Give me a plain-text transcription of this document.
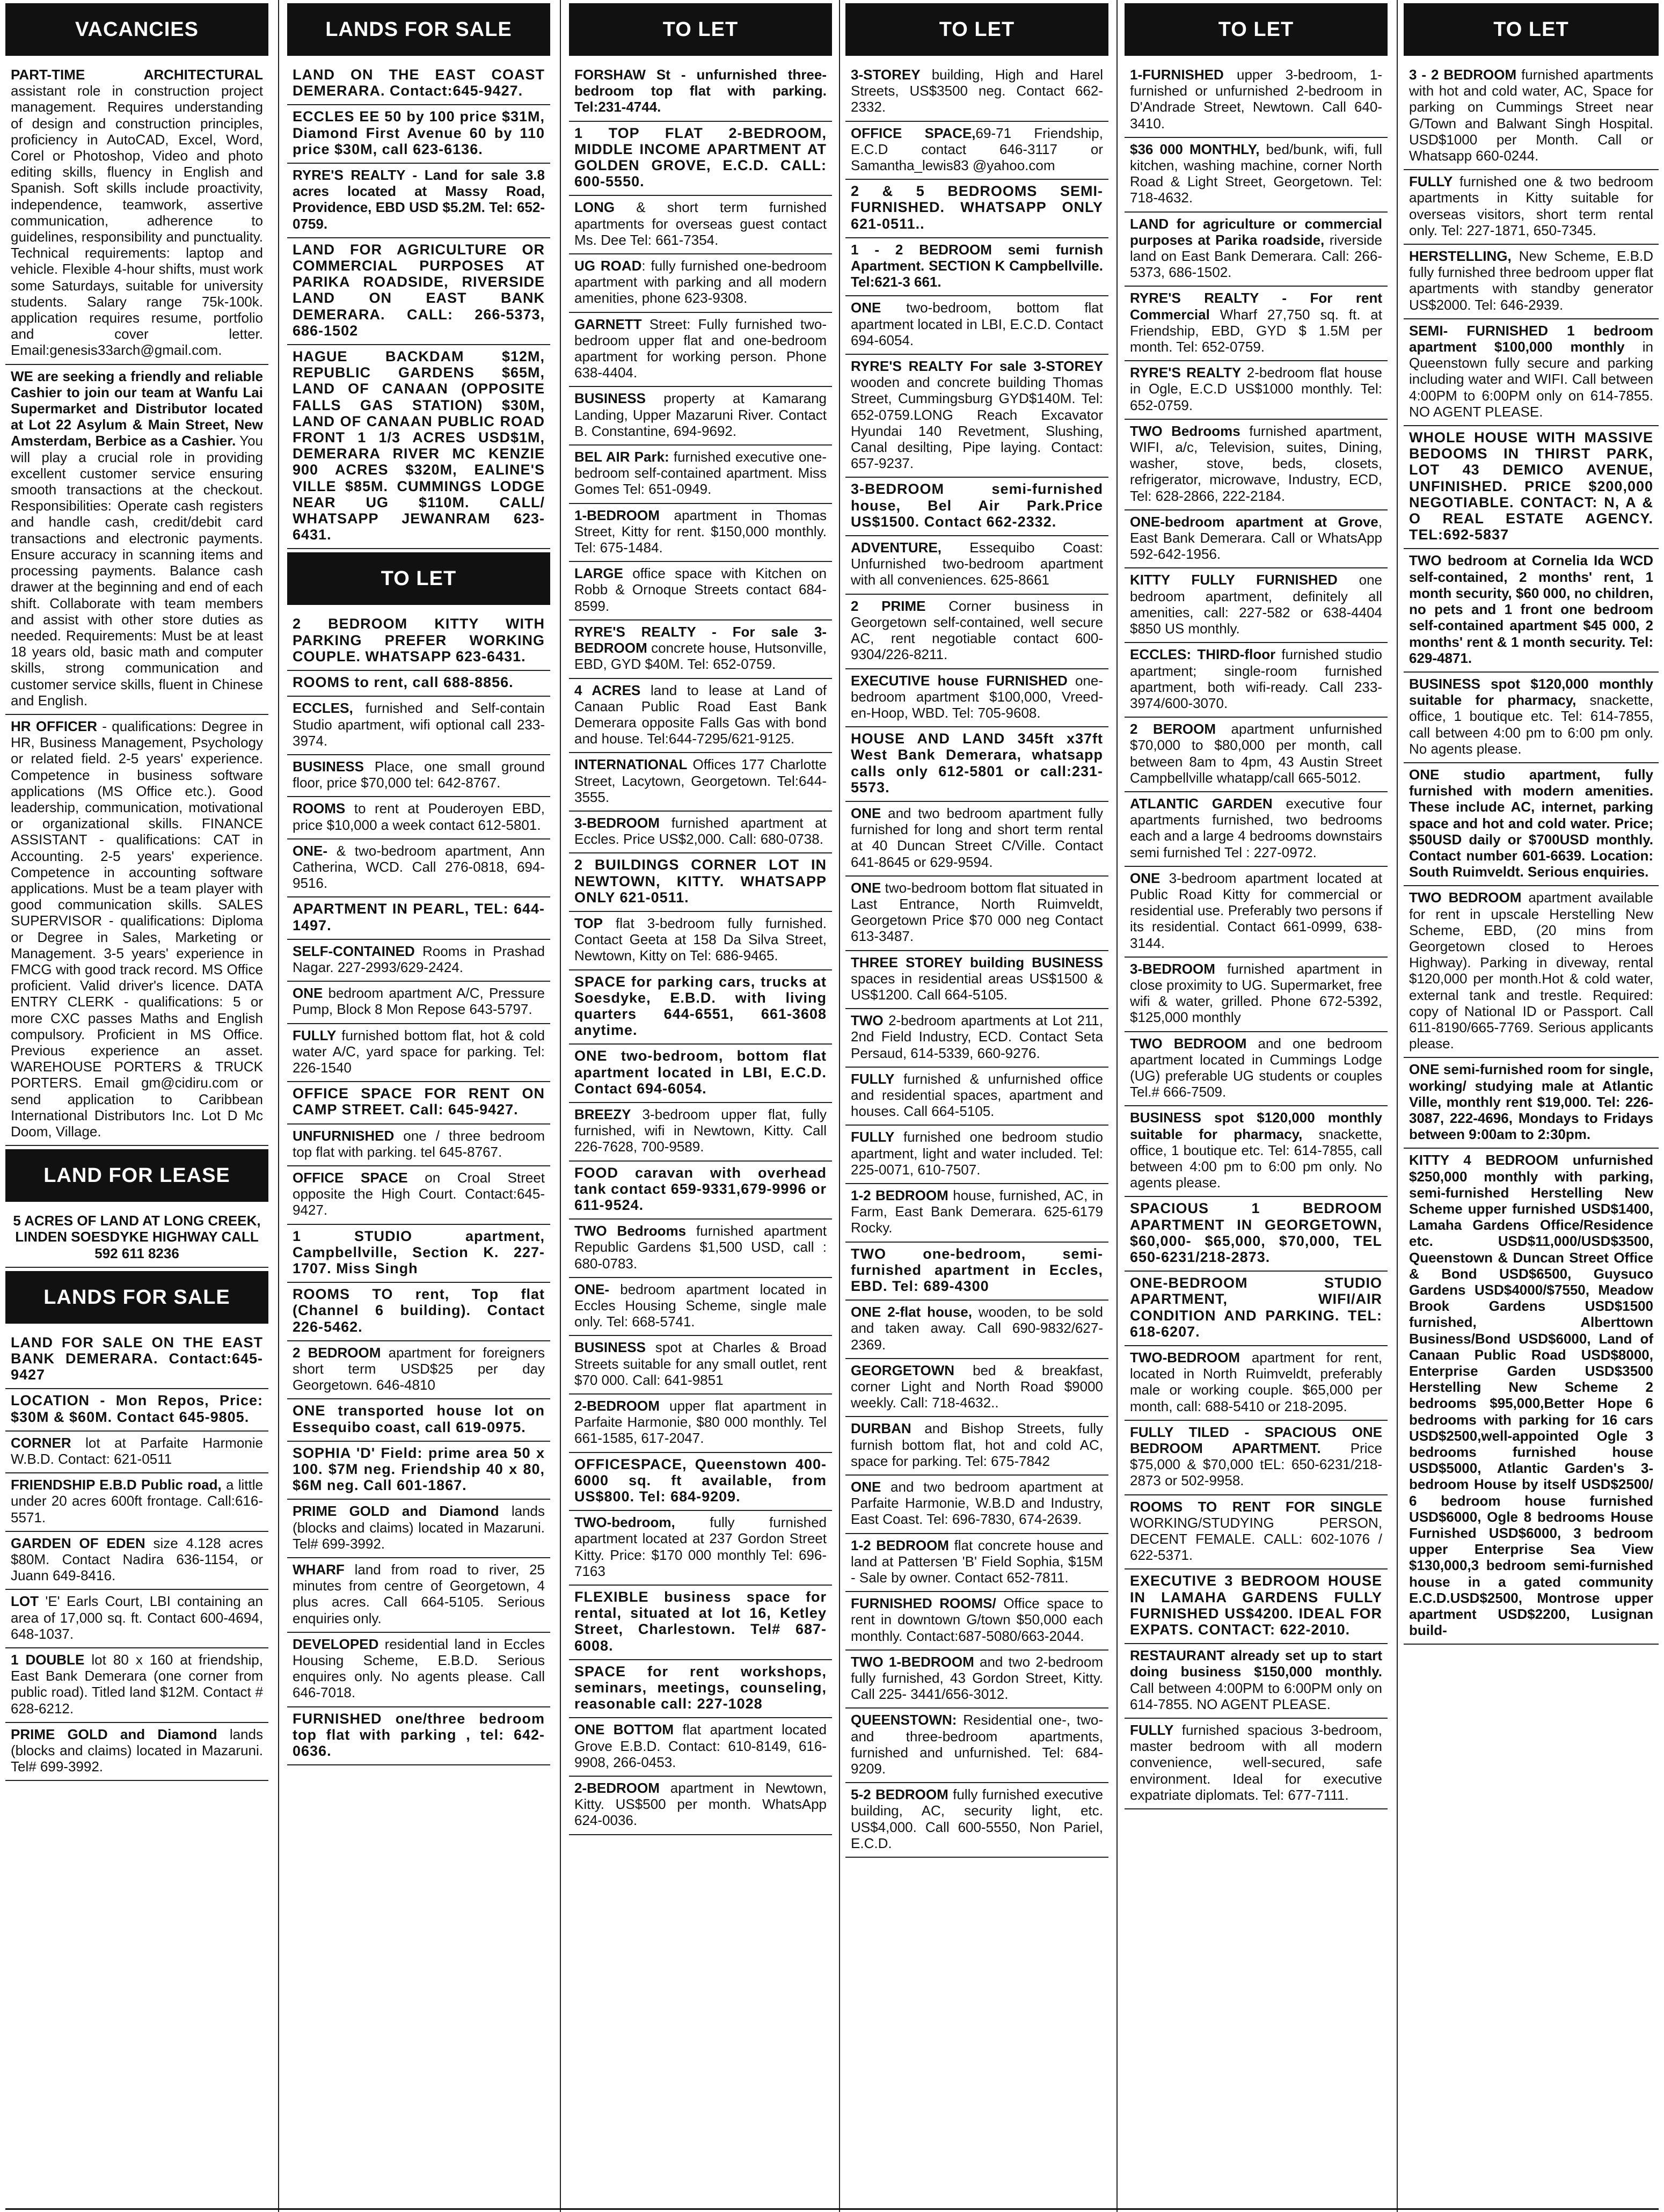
VACANCIES

PART-TIME ARCHITECTURAL assistant role in construction project management. Requires understanding of design and construction principles, proficiency in AutoCAD, Excel, Word, Corel or Photoshop, Video and photo editing skills, fluency in English and Spanish. Soft skills include proactivity, independence, teamwork, assertive communication, adherence to guidelines, responsibility and punctuality. Technical requirements: laptop and vehicle. Flexible 4-hour shifts, must work some Saturdays, suitable for university students. Salary range 75k-100k. application requires resume, portfolio and cover letter. Email:genesis33arch@gmail.com.

WE are seeking a friendly and reliable Cashier to join our team at Wanfu Lai Supermarket and Distributor located at Lot 22 Asylum & Main Street, New Amsterdam, Berbice as a Cashier. You will play a crucial role in providing excellent customer service ensuring smooth transactions at the checkout. Responsibilities: Operate cash registers and handle cash, credit/debit card transactions and electronic payments. Ensure accuracy in scanning items and processing payments. Balance cash drawer at the beginning and end of each shift. Collaborate with team members and assist with other store duties as needed. Requirements: Must be at least 18 years old, basic math and computer skills, strong communication and customer service skills, fluent in Chinese and English.

HR OFFICER - qualifications: Degree in HR, Business Management, Psychology or related field. 2-5 years' experience. Competence in business software applications (MS Office etc.). Good leadership, communication, motivational or organizational skills. FINANCE ASSISTANT - qualifications: CAT in Accounting. 2-5 years' experience. Competence in accounting software applications. Must be a team player with good communication skills. SALES SUPERVISOR - qualifications: Diploma or Degree in Sales, Marketing or Management. 3-5 years' experience in FMCG with good track record. MS Office proficient. Valid driver's licence. DATA ENTRY CLERK - qualifications: 5 or more CXC passes Maths and English compulsory. Proficient in MS Office. Previous experience an asset. WAREHOUSE PORTERS & TRUCK PORTERS. Email gm@cidiru.com or send application to Caribbean International Distributors Inc. Lot D Mc Doom, Village.

LAND FOR LEASE

5 ACRES OF LAND AT LONG CREEK, LINDEN SOESDYKE HIGHWAY CALL 592 611 8236

LANDS FOR SALE

LAND FOR SALE ON THE EAST BANK DEMERARA. Contact:645-9427

LOCATION - Mon Repos, Price: $30M & $60M. Contact 645-9805.

CORNER lot at Parfaite Harmonie W.B.D. Contact: 621-0511

FRIENDSHIP E.B.D Public road, a little under 20 acres 600ft frontage. Call:616-5571.

GARDEN OF EDEN size 4.128 acres $80M. Contact Nadira 636-1154, or Juann 649-8416.

LOT 'E' Earls Court, LBI containing an area of 17,000 sq. ft. Contact 600-4694, 648-1037.

1 DOUBLE lot 80 x 160 at friendship, East Bank Demerara (one corner from public road). Titled land $12M. Contact # 628-6212.

PRIME GOLD and Diamond lands (blocks and claims) located in Mazaruni. Tel# 699-3992.

LANDS FOR SALE

LAND ON THE EAST COAST DEMERARA. Contact:645-9427.

ECCLES EE 50 by 100 price $31M, Diamond First Avenue 60 by 110 price $30M, call 623-6136.

RYRE'S REALTY - Land for sale 3.8 acres located at Massy Road, Providence, EBD USD $5.2M. Tel: 652-0759.

LAND FOR AGRICULTURE OR COMMERCIAL PURPOSES AT PARIKA ROADSIDE, RIVERSIDE LAND ON EAST BANK DEMERARA. CALL: 266-5373, 686-1502

HAGUE BACKDAM $12M, REPUBLIC GARDENS $65M, LAND OF CANAAN (OPPOSITE FALLS GAS STATION) $30M, LAND OF CANAAN PUBLIC ROAD FRONT 1 1/3 ACRES USD$1M, DEMERARA RIVER MC KENZIE 900 ACRES $320M, EALINE'S VILLE $85M. CUMMINGS LODGE NEAR UG $110M. CALL/ WHATSAPP JEWANRAM 623-6431.

TO LET

2 BEDROOM KITTY WITH PARKING PREFER WORKING COUPLE. WHATSAPP 623-6431.

ROOMS to rent, call 688-8856.

ECCLES, furnished and Self-contain Studio apartment, wifi optional call 233-3974.

BUSINESS Place, one small ground floor, price $70,000 tel: 642-8767.

ROOMS to rent at Pouderoyen EBD, price $10,000 a week contact 612-5801.

ONE- & two-bedroom apartment, Ann Catherina, WCD. Call 276-0818, 694-9516.

APARTMENT IN PEARL, TEL: 644-1497.

SELF-CONTAINED Rooms in Prashad Nagar. 227-2993/629-2424.

ONE bedroom apartment A/C, Pressure Pump, Block 8 Mon Repose 643-5797.

FULLY furnished bottom flat, hot & cold water A/C, yard space for parking. Tel: 226-1540

OFFICE SPACE FOR RENT ON CAMP STREET. Call: 645-9427.

UNFURNISHED one / three bedroom top flat with parking. tel 645-8767.

OFFICE SPACE on Croal Street opposite the High Court. Contact:645-9427.

1 STUDIO apartment, Campbellville, Section K. 227-1707. Miss Singh

ROOMS TO rent, Top flat (Channel 6 building). Contact 226-5462.

2 BEDROOM apartment for foreigners short term USD$25 per day Georgetown. 646-4810

ONE transported house lot on Essequibo coast, call 619-0975.

SOPHIA 'D' Field: prime area 50 x 100. $7M neg. Friendship 40 x 80, $6M neg. Call 601-1867.

PRIME GOLD and Diamond lands (blocks and claims) located in Mazaruni. Tel# 699-3992.

WHARF land from road to river, 25 minutes from centre of Georgetown, 4 plus acres. Call 664-5105. Serious enquiries only.

DEVELOPED residential land in Eccles Housing Scheme, E.B.D. Serious enquires only. No agents please. Call 646-7018.

FURNISHED one/three bedroom top flat with parking , tel: 642-0636.

TO LET

FORSHAW St - unfurnished three-bedroom top flat with parking. Tel:231-4744.

1 TOP FLAT 2-BEDROOM, MIDDLE INCOME APARTMENT AT GOLDEN GROVE, E.C.D. CALL: 600-5550.

LONG & short term furnished apartments for overseas guest contact Ms. Dee Tel: 661-7354.

UG ROAD: fully furnished one-bedroom apartment with parking and all modern amenities, phone 623-9308.

GARNETT Street: Fully furnished two-bedroom upper flat and one-bedroom apartment for working person. Phone 638-4404.

BUSINESS property at Kamarang Landing, Upper Mazaruni River. Contact B. Constantine, 694-9692.

BEL AIR Park: furnished executive one-bedroom self-contained apartment. Miss Gomes Tel: 651-0949.

1-BEDROOM apartment in Thomas Street, Kitty for rent. $150,000 monthly. Tel: 675-1484.

LARGE office space with Kitchen on Robb & Ornoque Streets contact 684-8599.

RYRE'S REALTY - For sale 3-BEDROOM concrete house, Hutsonville, EBD, GYD $40M. Tel: 652-0759.

4 ACRES land to lease at Land of Canaan Public Road East Bank Demerara opposite Falls Gas with bond and house. Tel:644-7295/621-9125.

INTERNATIONAL Offices 177 Charlotte Street, Lacytown, Georgetown. Tel:644-3555.

3-BEDROOM furnished apartment at Eccles. Price US$2,000. Call: 680-0738.

2 BUILDINGS CORNER LOT IN NEWTOWN, KITTY. WHATSAPP ONLY 621-0511.

TOP flat 3-bedroom fully furnished. Contact Geeta at 158 Da Silva Street, Newtown, Kitty on Tel: 686-9465.

SPACE for parking cars, trucks at Soesdyke, E.B.D. with living quarters 644-6551, 661-3608 anytime.

ONE two-bedroom, bottom flat apartment located in LBI, E.C.D. Contact 694-6054.

BREEZY 3-bedroom upper flat, fully furnished, wifi in Newtown, Kitty. Call 226-7628, 700-9589.

FOOD caravan with overhead tank contact 659-9331,679-9996 or 611-9524.

TWO Bedrooms furnished apartment Republic Gardens $1,500 USD, call : 680-0783.

ONE- bedroom apartment located in Eccles Housing Scheme, single male only. Tel: 668-5741.

BUSINESS spot at Charles & Broad Streets suitable for any small outlet, rent $70 000. Call: 641-9851

2-BEDROOM upper flat apartment in Parfaite Harmonie, $80 000 monthly. Tel 661-1585, 617-2047.

OFFICESPACE, Queenstown 400-6000 sq. ft available, from US$800. Tel: 684-9209.

TWO-bedroom, fully furnished apartment located at 237 Gordon Street Kitty. Price: $170 000 monthly Tel: 696-7163

FLEXIBLE business space for rental, situated at lot 16, Ketley Street, Charlestown. Tel# 687-6008.

SPACE for rent workshops, seminars, meetings, counseling, reasonable call: 227-1028

ONE BOTTOM flat apartment located Grove E.B.D. Contact: 610-8149, 616-9908, 266-0453.

2-BEDROOM apartment in Newtown, Kitty. US$500 per month. WhatsApp 624-0036.

TO LET

3-STOREY building, High and Harel Streets, US$3500 neg. Contact 662-2332.

OFFICE SPACE,69-71 Friendship, E.C.D contact 646-3117 or Samantha_lewis83 @yahoo.com

2 & 5 BEDROOMS SEMI-FURNISHED. WHATSAPP ONLY 621-0511..

1 - 2 BEDROOM semi furnish Apartment. SECTION K Campbellville. Tel:621-3 661.

ONE two-bedroom, bottom flat apartment located in LBI, E.C.D. Contact 694-6054.

RYRE'S REALTY For sale 3-STOREY wooden and concrete building Thomas Street, Cummingsburg GYD$140M. Tel: 652-0759.LONG Reach Excavator Hyundai 140 Revetment, Slushing, Canal desilting, Pipe laying. Contact: 657-9237.

3-BEDROOM semi-furnished house, Bel Air Park.Price US$1500. Contact 662-2332.

ADVENTURE, Essequibo Coast: Unfurnished two-bedroom apartment with all conveniences. 625-8661

2 PRIME Corner business in Georgetown self-contained, well secure AC, rent negotiable contact 600-9304/226-8211.

EXECUTIVE house FURNISHED one-bedroom apartment $100,000, Vreed-en-Hoop, WBD. Tel: 705-9608.

HOUSE AND LAND 345ft x37ft West Bank Demerara, whatsapp calls only 612-5801 or call:231-5573.

ONE and two bedroom apartment fully furnished for long and short term rental at 40 Duncan Street C/Ville. Contact 641-8645 or 629-9594.

ONE two-bedroom bottom flat situated in Last Entrance, North Ruimveldt, Georgetown Price $70 000 neg Contact 613-3487.

THREE STOREY building BUSINESS spaces in residential areas US$1500 & US$1200. Call 664-5105.

TWO 2-bedroom apartments at Lot 211, 2nd Field Industry, ECD. Contact Seta Persaud, 614-5339, 660-9276.

FULLY furnished & unfurnished office and residential spaces, apartment and houses. Call 664-5105.

FULLY furnished one bedroom studio apartment, light and water included. Tel: 225-0071, 610-7507.

1-2 BEDROOM house, furnished, AC, in Farm, East Bank Demerara. 625-6179 Rocky.

TWO one-bedroom, semi-furnished apartment in Eccles, EBD. Tel: 689-4300

ONE 2-flat house, wooden, to be sold and taken away. Call 690-9832/627-2369.

GEORGETOWN bed & breakfast, corner Light and North Road $9000 weekly. Call: 718-4632..

DURBAN and Bishop Streets, fully furnish bottom flat, hot and cold AC, space for parking. Tel: 675-7842

ONE and two bedroom apartment at Parfaite Harmonie, W.B.D and Industry, East Coast. Tel: 696-7830, 674-2639.

1-2 BEDROOM flat concrete house and land at Pattersen 'B' Field Sophia, $15M - Sale by owner. Contact 652-7811.

FURNISHED ROOMS/ Office space to rent in downtown G/town $50,000 each monthly. Contact:687-5080/663-2044.

TWO 1-BEDROOM and two 2-bedroom fully furnished, 43 Gordon Street, Kitty. Call 225- 3441/656-3012.

QUEENSTOWN: Residential one-, two- and three-bedroom apartments, furnished and unfurnished. Tel: 684-9209.

5-2 BEDROOM fully furnished executive building, AC, security light, etc. US$4,000. Call 600-5550, Non Pariel, E.C.D.

TO LET

1-FURNISHED upper 3-bedroom, 1-furnished or unfurnished 2-bedroom in D'Andrade Street, Newtown. Call 640-3410.

$36 000 MONTHLY, bed/bunk, wifi, full kitchen, washing machine, corner North Road & Light Street, Georgetown. Tel: 718-4632.

LAND for agriculture or commercial purposes at Parika roadside, riverside land on East Bank Demerara. Call: 266-5373, 686-1502.

RYRE'S REALTY - For rent Commercial Wharf 27,750 sq. ft. at Friendship, EBD, GYD $ 1.5M per month. Tel: 652-0759.

RYRE'S REALTY 2-bedroom flat house in Ogle, E.C.D US$1000 monthly. Tel: 652-0759.

TWO Bedrooms furnished apartment, WIFI, a/c, Television, suites, Dining, washer, stove, beds, closets, refrigerator, microwave, Industry, ECD, Tel: 628-2866, 222-2184.

ONE-bedroom apartment at Grove, East Bank Demerara. Call or WhatsApp 592-642-1956.

KITTY FULLY FURNISHED one bedroom apartment, definitely all amenities, call: 227-582 or 638-4404 $850 US monthly.

ECCLES: THIRD-floor furnished studio apartment; single-room furnished apartment, both wifi-ready. Call 233-3974/600-3070.

2 BEROOM apartment unfurnished $70,000 to $80,000 per month, call between 8am to 4pm, 43 Austin Street Campbellville whatapp/call 665-5012.

ATLANTIC GARDEN executive four apartments furnished, two bedrooms each and a large 4 bedrooms downstairs semi furnished Tel : 227-0972.

ONE 3-bedroom apartment located at Public Road Kitty for commercial or residential use. Preferably two persons if its residential. Contact 661-0999, 638-3144.

3-BEDROOM furnished apartment in close proximity to UG. Supermarket, free wifi & water, grilled. Phone 672-5392, $125,000 monthly

TWO BEDROOM and one bedroom apartment located in Cummings Lodge (UG) preferable UG students or couples Tel.# 666-7509.

BUSINESS spot $120,000 monthly suitable for pharmacy, snackette, office, 1 boutique etc. Tel: 614-7855, call between 4:00 pm to 6:00 pm only. No agents please.

SPACIOUS 1 BEDROOM APARTMENT IN GEORGETOWN, $60,000- $65,000, $70,000, TEL 650-6231/218-2873.

ONE-BEDROOM STUDIO APARTMENT, WIFI/AIR CONDITION AND PARKING. TEL: 618-6207.

TWO-BEDROOM apartment for rent, located in North Ruimveldt, preferably male or working couple. $65,000 per month, call: 688-5410 or 218-2095.

FULLY TILED - SPACIOUS ONE BEDROOM APARTMENT. Price $75,000 & $70,000 tEL: 650-6231/218-2873 or 502-9958.

ROOMS TO RENT FOR SINGLE WORKING/STUDYING PERSON, DECENT FEMALE. CALL: 602-1076 / 622-5371.

EXECUTIVE 3 BEDROOM HOUSE IN LAMAHA GARDENS FULLY FURNISHED US$4200. IDEAL FOR EXPATS. CONTACT: 622-2010.

RESTAURANT already set up to start doing business $150,000 monthly. Call between 4:00PM to 6:00PM only on 614-7855. NO AGENT PLEASE.

FULLY furnished spacious 3-bedroom, master bedroom with all modern convenience, well-secured, safe environment. Ideal for executive expatriate diplomats. Tel: 677-7111.

TO LET

3 - 2 BEDROOM furnished apartments with hot and cold water, AC, Space for parking on Cummings Street near G/Town and Balwant Singh Hospital. USD$1000 per Month. Call or Whatsapp 660-0244.

FULLY furnished one & two bedroom apartments in Kitty suitable for overseas visitors, short term rental only. Tel: 227-1871, 650-7345.

HERSTELLING, New Scheme, E.B.D fully furnished three bedroom upper flat apartments with standby generator US$2000. Tel: 646-2939.

SEMI- FURNISHED 1 bedroom apartment $100,000 monthly in Queenstown fully secure and parking including water and WIFI. Call between 4:00PM to 6:00PM only on 614-7855. NO AGENT PLEASE.

WHOLE HOUSE WITH MASSIVE BEDOOMS IN THIRST PARK, LOT 43 DEMICO AVENUE, UNFINISHED. PRICE $200,000 NEGOTIABLE. CONTACT: N, A & O REAL ESTATE AGENCY. TEL:692-5837

TWO bedroom at Cornelia Ida WCD self-contained, 2 months' rent, 1 month security, $60 000, no children, no pets and 1 front one bedroom self-contained apartment $45 000, 2 months' rent & 1 month security. Tel: 629-4871.

BUSINESS spot $120,000 monthly suitable for pharmacy, snackette, office, 1 boutique etc. Tel: 614-7855, call between 4:00 pm to 6:00 pm only. No agents please.

ONE studio apartment, fully furnished with modern amenities. These include AC, internet, parking space and hot and cold water. Price; $50USD daily or $700USD monthly. Contact number 601-6639. Location: South Ruimveldt. Serious enquiries.

TWO BEDROOM apartment available for rent in upscale Herstelling New Scheme, EBD, (20 mins from Georgetown closed to Heroes Highway). Parking in diveway, rental $120,000 per month.Hot & cold water, external tank and trestle. Required: copy of National ID or Passport. Call 611-8190/665-7769. Serious applicants please.

ONE semi-furnished room for single, working/ studying male at Atlantic Ville, monthly rent $19,000. Tel: 226-3087, 222-4696, Mondays to Fridays between 9:00am to 2:30pm.

KITTY 4 BEDROOM unfurnished $250,000 monthly with parking, semi-furnished Herstelling New Scheme upper furnished USD$1400, Lamaha Gardens Office/Residence etc. USD$11,000/USD$3500, Queenstown & Duncan Street Office & Bond USD$6500, Guysuco Gardens USD$4000/$7550, Meadow Brook Gardens USD$1500 furnished, Alberttown Business/Bond USD$6000, Land of Canaan Public Road USD$8000, Enterprise Garden USD$3500 Herstelling New Scheme 2 bedrooms $95,000,Better Hope 6 bedrooms with parking for 16 cars USD$2500,well-appointed Ogle 3 bedrooms furnished house USD$5000, Atlantic Garden's 3-bedroom House by itself USD$2500/ 6 bedroom house furnished USD$6000, Ogle 8 bedrooms House Furnished USD$6000, 3 bedroom upper Enterprise Sea View $130,000,3 bedroom semi-furnished house in a gated community E.C.D.USD$2500, Montrose upper apartment USD$2200, Lusignan build-
